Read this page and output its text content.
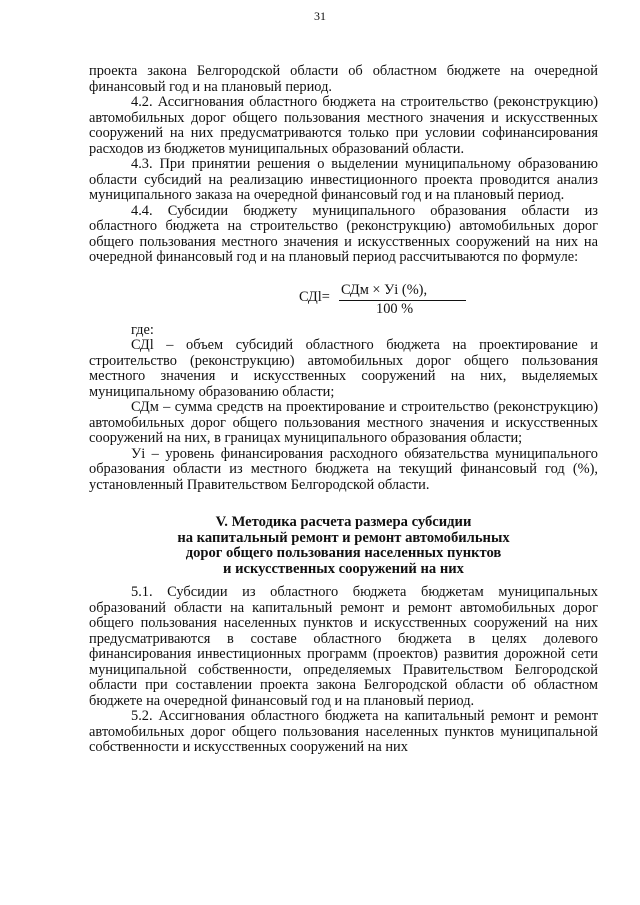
31

проекта закона Белгородской области об областном бюджете на очередной финансовый год и на плановый период.

4.2. Ассигнования областного бюджета на строительство (реконструкцию) автомобильных дорог общего пользования местного значения и искусственных сооружений на них предусматриваются только при условии софинансирования расходов из бюджетов муниципальных образований области.

4.3. При принятии решения о выделении муниципальному образованию области субсидий на реализацию инвестиционного проекта проводится анализ муниципального заказа на очередной финансовый год и на плановый период.

4.4. Субсидии бюджету муниципального образования области из областного бюджета на строительство (реконструкцию) автомобильных дорог общего пользования местного значения и искусственных сооружений на них на очередной финансовый год и на плановый период рассчитываются по формуле:

СДl= СДм × Уi (%),
100 %

где:

СДl – объем субсидий областного бюджета на проектирование и строительство (реконструкцию) автомобильных дорог общего пользования местного значения и искусственных сооружений на них, выделяемых муниципальному образованию области;

СДм – сумма средств на проектирование и строительство (реконструкцию) автомобильных дорог общего пользования местного значения и искусственных сооружений на них, в границах муниципального образования области;

Уi – уровень финансирования расходного обязательства муниципального образования области из местного бюджета на текущий финансовый год (%), установленный Правительством Белгородской области.

V. Методика расчета размера субсидии
на капитальный ремонт и ремонт автомобильных
дорог общего пользования населенных пунктов
и искусственных сооружений на них

5.1. Субсидии из областного бюджета бюджетам муниципальных образований области на капитальный ремонт и ремонт автомобильных дорог общего пользования населенных пунктов и искусственных сооружений на них предусматриваются в составе областного бюджета в целях долевого финансирования инвестиционных программ (проектов) развития дорожной сети муниципальной собственности, определяемых Правительством Белгородской области при составлении проекта закона Белгородской области об областном бюджете на очередной финансовый год и на плановый период.

5.2. Ассигнования областного бюджета на капитальный ремонт и ремонт автомобильных дорог общего пользования населенных пунктов муниципальной собственности и искусственных сооружений на них
